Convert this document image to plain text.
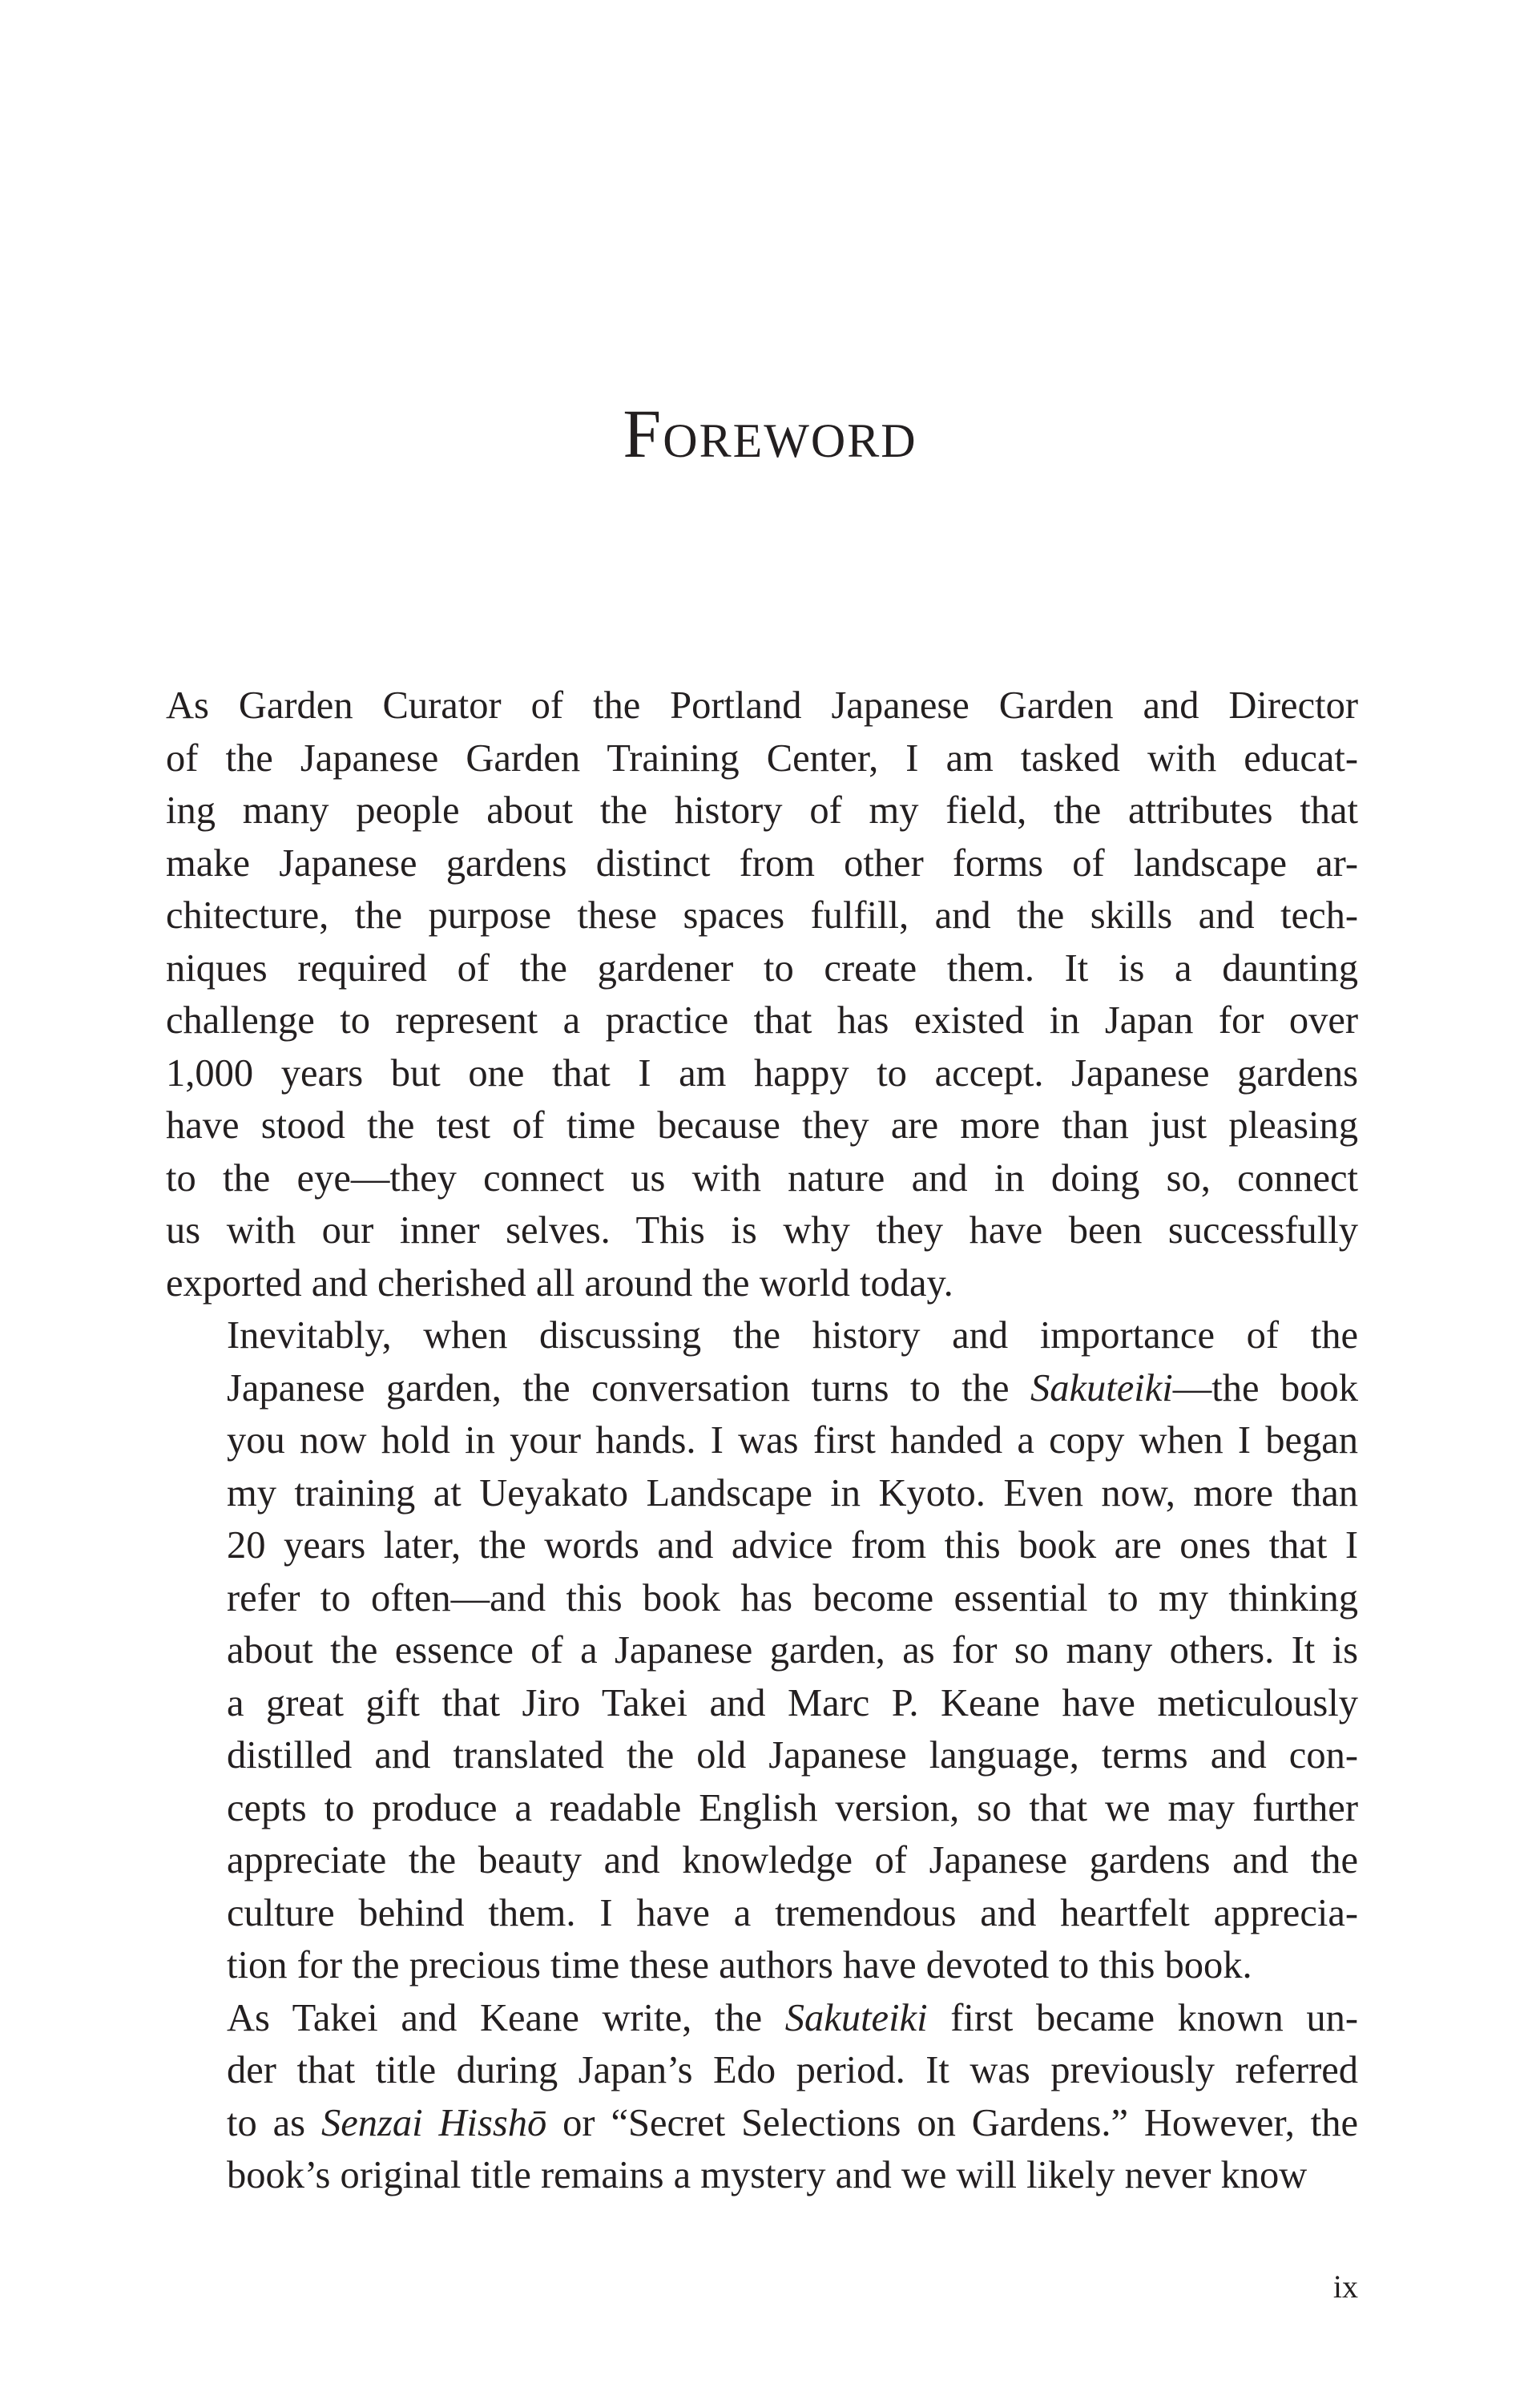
Foreword

As Garden Curator of the Portland Japanese Garden and Director
of the Japanese Garden Training Center, I am tasked with educat-
ing many people about the history of my field, the attributes that
make Japanese gardens distinct from other forms of landscape ar-
chitecture, the purpose these spaces fulfill, and the skills and tech-
niques required of the gardener to create them. It is a daunting
challenge to represent a practice that has existed in Japan for over
1,000 years but one that I am happy to accept. Japanese gardens
have stood the test of time because they are more than just pleasing
to the eye—they connect us with nature and in doing so, connect
us with our inner selves. This is why they have been successfully
exported and cherished all around the world today.

Inevitably, when discussing the history and importance of the
Japanese garden, the conversation turns to the Sakuteiki—the book
you now hold in your hands. I was first handed a copy when I began
my training at Ueyakato Landscape in Kyoto. Even now, more than
20 years later, the words and advice from this book are ones that I
refer to often—and this book has become essential to my thinking
about the essence of a Japanese garden, as for so many others. It is
a great gift that Jiro Takei and Marc P. Keane have meticulously
distilled and translated the old Japanese language, terms and con-
cepts to produce a readable English version, so that we may further
appreciate the beauty and knowledge of Japanese gardens and the
culture behind them. I have a tremendous and heartfelt apprecia-
tion for the precious time these authors have devoted to this book.

As Takei and Keane write, the Sakuteiki first became known un-
der that title during Japan’s Edo period. It was previously referred
to as Senzai Hisshō or “Secret Selections on Gardens.” However, the
book’s original title remains a mystery and we will likely never know

ix
